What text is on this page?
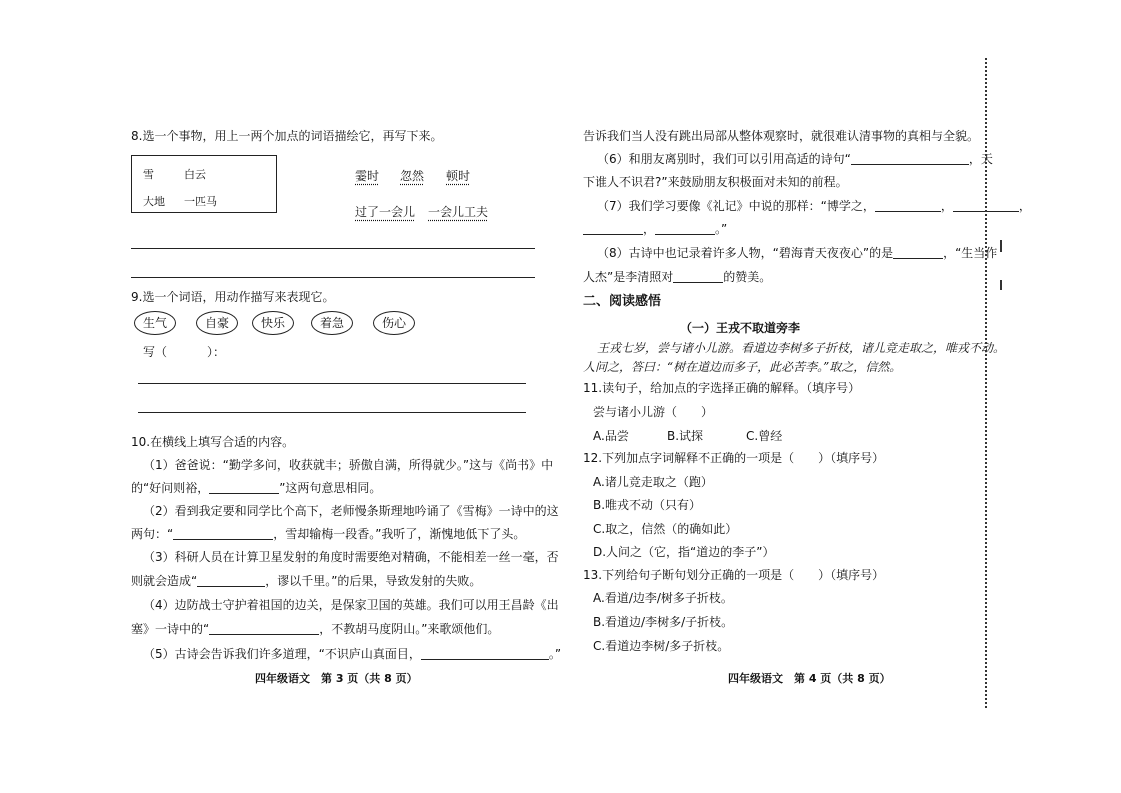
8.选一个事物，用上一两个加点的词语描绘它，再写下来。
雪	白云
大地 一匹马
霎时 忽然 顿时
过了一会儿 一会儿工夫
9.选一个词语，用动作描写来表现它。
生气	自豪	快乐	着急	伤心
写（	）：
10.在横线上填写合适的内容。
（1）爸爸说：“勤学多问，收获就丰；骄傲自满，所得就少。”这与《尚书》中
的“好问则裕，	”这两句意思相同。
（2）看到我定要和同学比个高下，老师慢条斯理地吟诵了《雪梅》一诗中的这
两句：“	，雪却输梅一段香。”我听了，渐愧地低下了头。
（3）科研人员在计算卫星发射的角度时需要绝对精确，不能相差一丝一毫，否
则就会造成“	，谬以千里。”的后果，导致发射的失败。
（4）边防战士守护着祖国的边关，是保家卫国的英雄。我们可以用王昌龄《出
塞》一诗中的“	，不教胡马度阴山。”来歌颂他们。
（5）古诗会告诉我们许多道理，“不识庐山真面目，	。”
四年级语文　第 3 页（共 8 页）
告诉我们当人没有跳出局部从整体观察时，就很难认清事物的真相与全貌。
（6）和朋友离别时，我们可以引用高适的诗句“	，天
下谁人不识君?”来鼓励朋友积极面对未知的前程。
（7）我们学习要像《礼记》中说的那样：“博学之，	，	，
，	。”
（8）古诗中也记录着许多人物，“碧海青天夜夜心”的是	，“生当作
人杰”是李清照对	的赞美。
二、阅读感悟
（一）王戎不取道旁李
王戎七岁，尝与诸小儿游。看道边李树多子折枝，诸儿竞走取之，唯戎不动。
人问之，答曰：“树在道边而多子，此必苦李。”取之，信然。
11.读句子，给加点的字选择正确的解释。（填序号）
尝与诸小儿游（　　）
A.品尝	B.试探	C.曾经
12.下列加点字词解释不正确的一项是（　　）（填序号）
A.诸儿竞走取之（跑）
B.唯戎不动（只有）
C.取之，信然（的确如此）
D.人问之（它，指“道边的李子”）
13.下列给句子断句划分正确的一项是（　　）（填序号）
A.看道/边李/树多子折枝。
B.看道边/李树多/子折枝。
C.看道边李树/多子折枝。
四年级语文　第 4 页（共 8 页）
